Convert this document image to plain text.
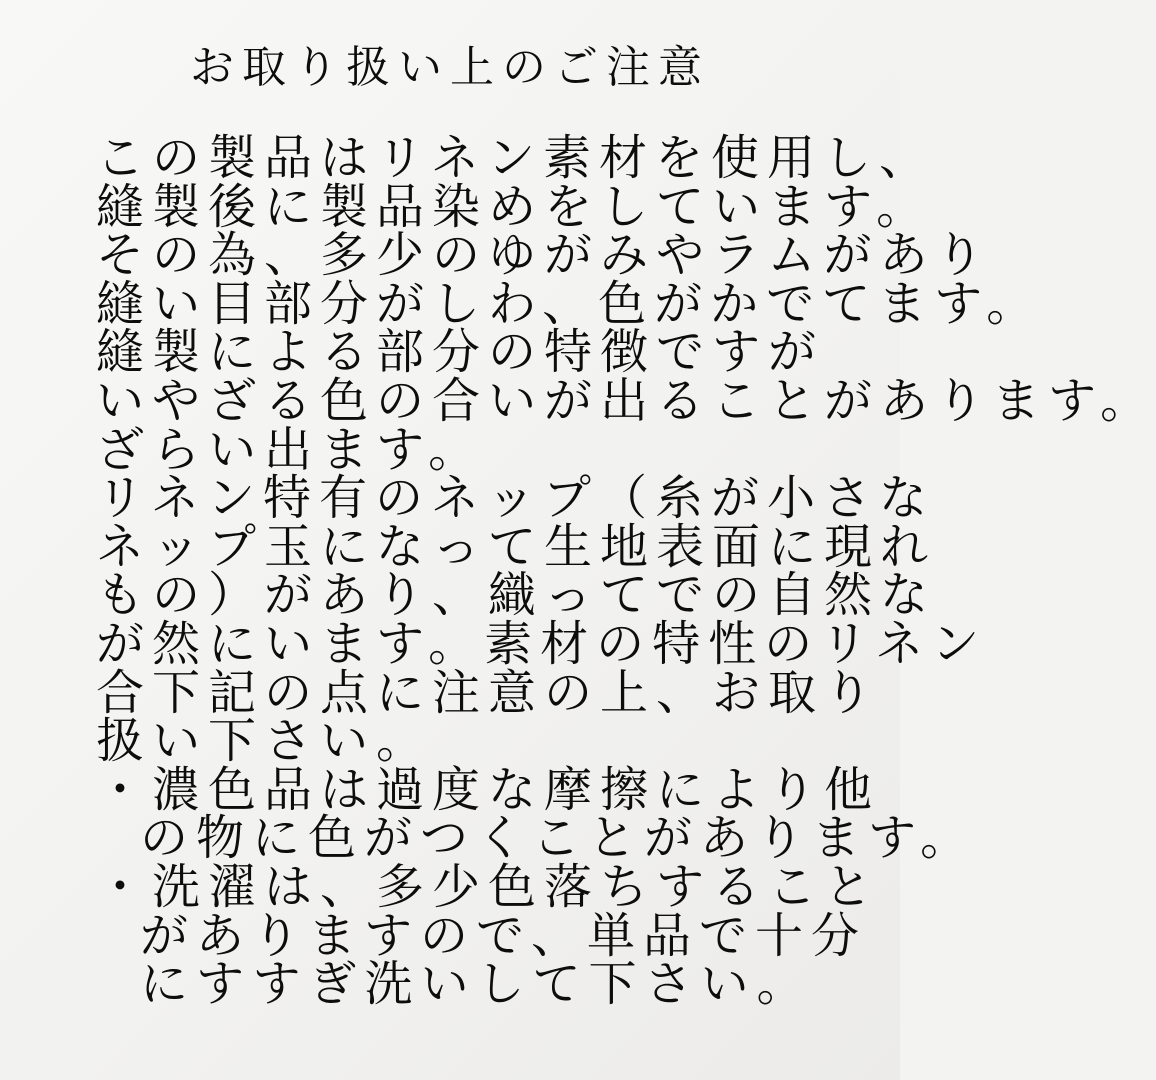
お取り扱い上のご注意
この製品はリネン素材を使用し、
縫製後に製品染めをしています。
その為、多少のゆがみやラムがあり
縫い目部分がしわ、色がかでてます。
縫製による部分の特徴ですが
いやざる色の合いが出ることがあります。
ざらい出ます。
リネン特有のネップ（糸が小さな
ネップ玉になって生地表面に現れ
もの）があり、織ってでの自然な
が然にいます。素材の特性のリネン
合下記の点に注意の上、お取り
扱い下さい。
・濃色品は過度な摩擦により他
の物に色がつくことがあります。
・洗濯は、多少色落ちすること
がありますので、単品で十分
にすすぎ洗いして下さい。
